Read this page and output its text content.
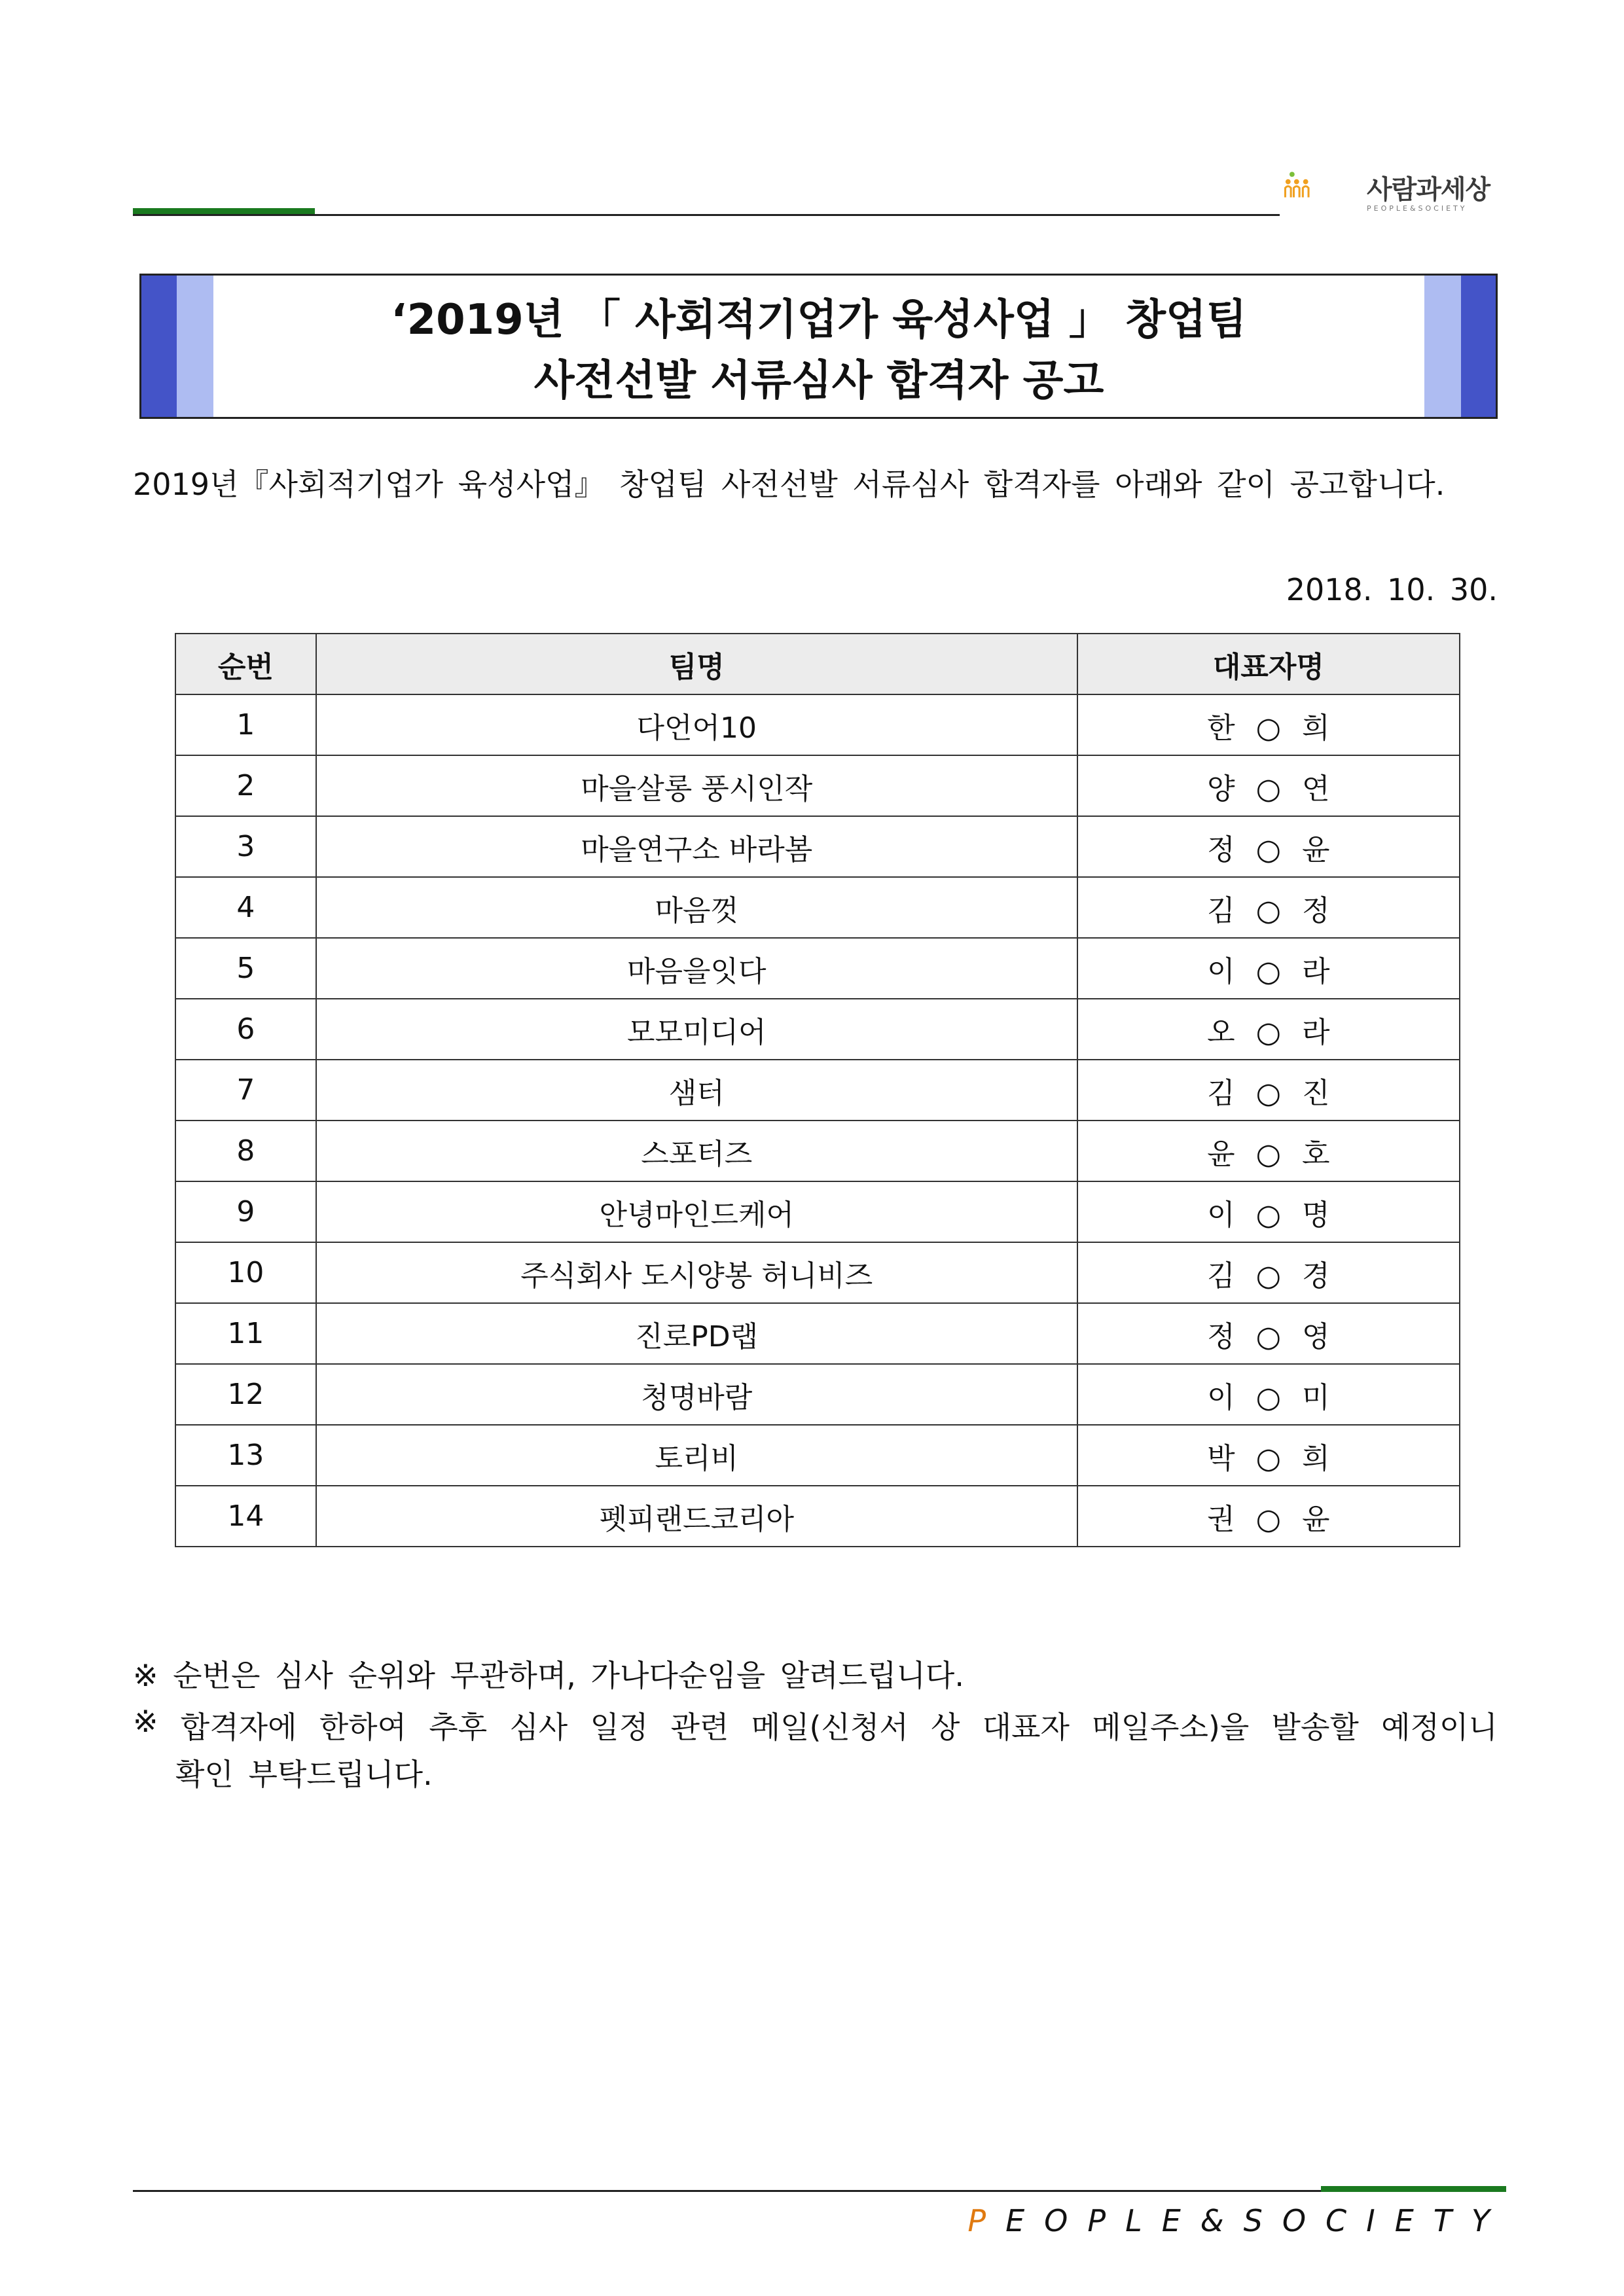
사람과세상
PEOPLE&SOCIETY
‘2019년 「 사회적기업가 육성사업 」 창업팀
사전선발 서류심사 합격자 공고
2019년『사회적기업가 육성사업』 창업팀 사전선발 서류심사 합격자를 아래와 같이 공고합니다.
2018. 10. 30.
순번	팀명	대표자명
1	다언어10	한 ○ 희
2	마을살롱 풍시인작	양 ○ 연
3	마을연구소 바라봄	정 ○ 윤
4	마음껏	김 ○ 정
5	마음을잇다	이 ○ 라
6	모모미디어	오 ○ 라
7	샘터	김 ○ 진
8	스포터즈	윤 ○ 호
9	안녕마인드케어	이 ○ 명
10	주식회사 도시양봉 허니비즈	김 ○ 경
11	진로PD랩	정 ○ 영
12	청명바람	이 ○ 미
13	토리비	박 ○ 희
14	펫피랜드코리아	권 ○ 윤
※ 순번은 심사 순위와 무관하며, 가나다순임을 알려드립니다.
※ 합격자에 한하여 추후 심사 일정 관련 메일(신청서 상 대표자 메일주소)을 발송할 예정이니
확인 부탁드립니다.
PEOPLE&SOCIETY
